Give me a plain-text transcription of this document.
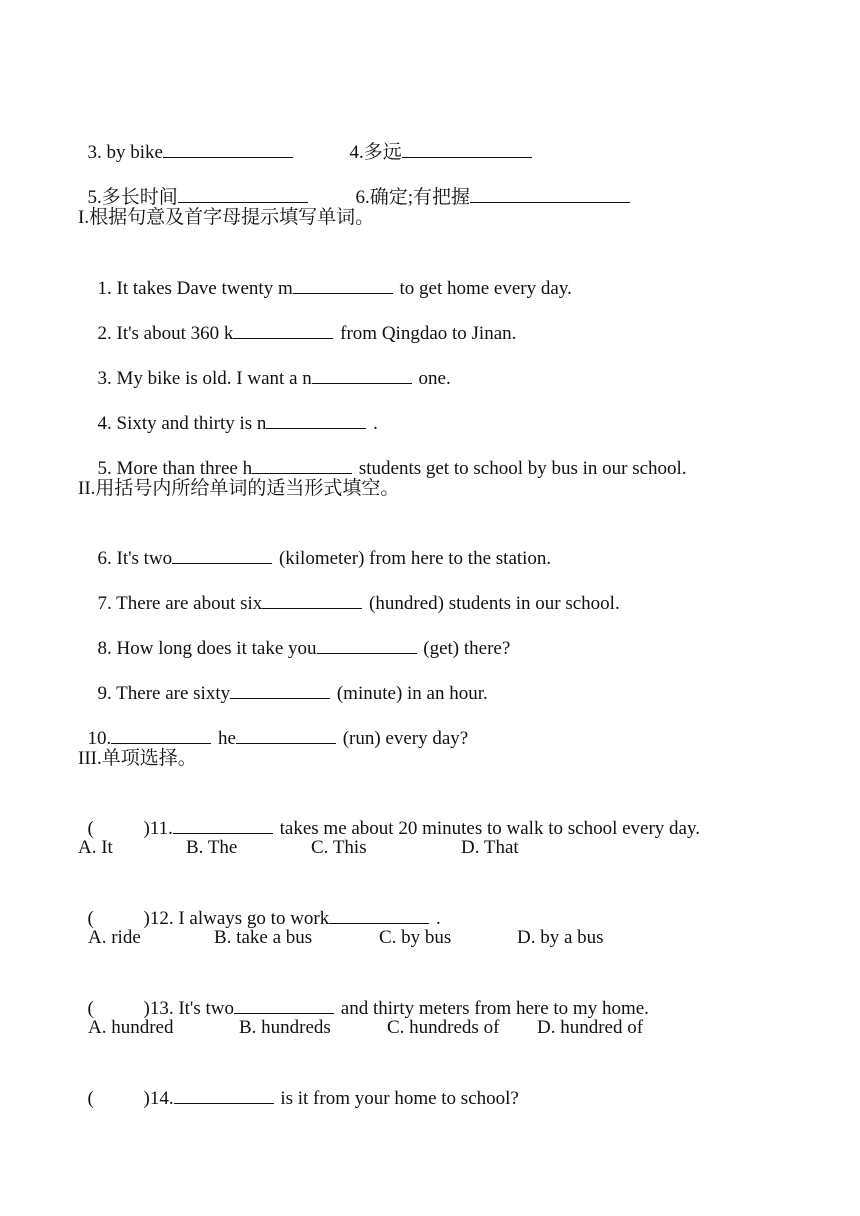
3. by bike	4.多远

5.多长时间	6.确定;有把握

I.根据句意及首字母提示填写单词。

1. It takes Dave twenty m	to get home every day.

2. It's about 360 k	from Qingdao to Jinan.

3. My bike is old. I want a n	one.

4. Sixty and thirty is n	.

5. More than three h	students get to school by bus in our school.

II.用括号内所给单词的适当形式填空。

6. It's two	(kilometer) from here to the station.

7. There are about six	(hundred) students in our school.

8. How long does it take you	(get) there?

9. There are sixty	(minute) in an hour.

10.	he	(run) every day?

III.单项选择。

(	)11.	takes me about 20 minutes to walk to school every day.

A. It	B. The	C. This	D. That

(	)12. I always go to work	.

A. ride	B. take a bus	C. by bus	D. by a bus

(	)13. It's two	and thirty meters from here to my home.

A. hundred	B. hundreds	C. hundreds of D. hundred of

(	)14.	is it from your home to school?
